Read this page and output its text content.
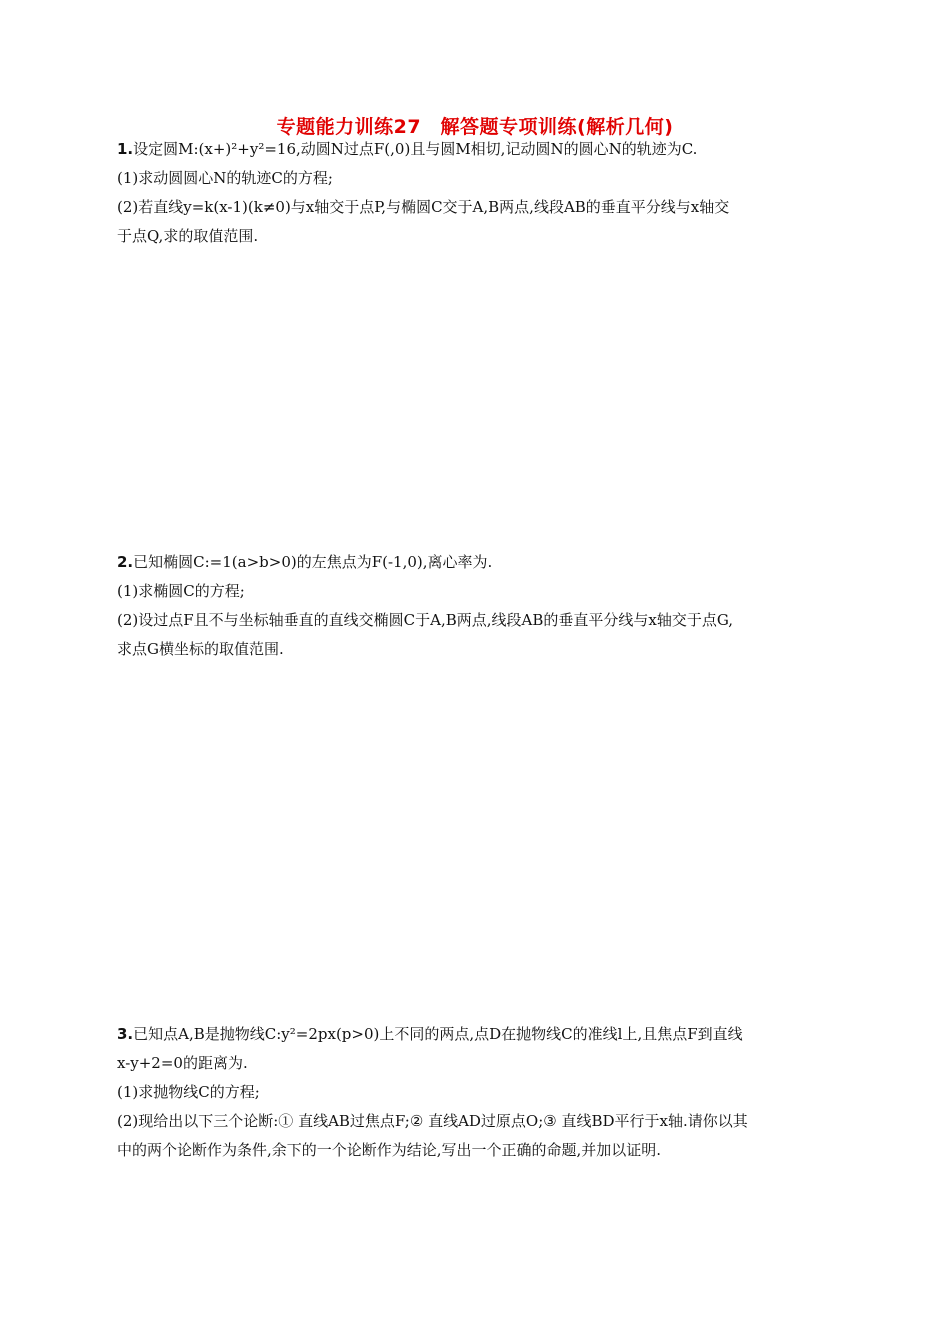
专题能力训练27　解答题专项训练(解析几何)
1.设定圆M:(x+)²+y²=16,动圆N过点F(,0)且与圆M相切,记动圆N的圆心N的轨迹为C.
(1)求动圆圆心N的轨迹C的方程;
(2)若直线y=k(x-1)(k≠0)与x轴交于点P,与椭圆C交于A,B两点,线段AB的垂直平分线与x轴交
于点Q,求的取值范围.
2.已知椭圆C:=1(a>b>0)的左焦点为F(-1,0),离心率为.
(1)求椭圆C的方程;
(2)设过点F且不与坐标轴垂直的直线交椭圆C于A,B两点,线段AB的垂直平分线与x轴交于点G,
求点G横坐标的取值范围.
3.已知点A,B是抛物线C:y²=2px(p>0)上不同的两点,点D在抛物线C的准线l上,且焦点F到直线
x-y+2=0的距离为.
(1)求抛物线C的方程;
(2)现给出以下三个论断:① 直线AB过焦点F;② 直线AD过原点O;③ 直线BD平行于x轴.请你以其
中的两个论断作为条件,余下的一个论断作为结论,写出一个正确的命题,并加以证明.
